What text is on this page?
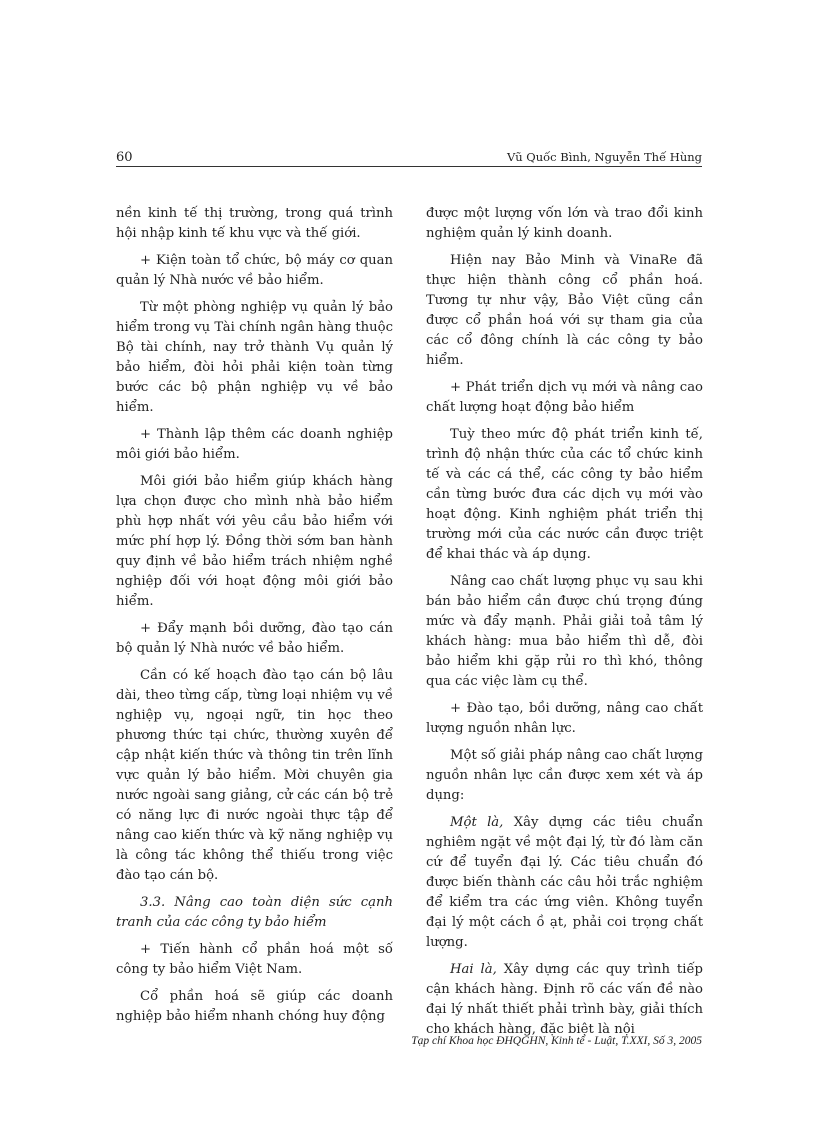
60	Vũ Quốc Bình, Nguyễn Thế Hùng

nền kinh tế thị trường, trong quá trình hội nhập kinh tế khu vực và thế giới.

+ Kiện toàn tổ chức, bộ máy cơ quan quản lý Nhà nước về bảo hiểm.

Từ một phòng nghiệp vụ quản lý bảo hiểm trong vụ Tài chính ngân hàng thuộc Bộ tài chính, nay trở thành Vụ quản lý bảo hiểm, đòi hỏi phải kiện toàn từng bước các bộ phận nghiệp vụ về bảo hiểm.

+ Thành lập thêm các doanh nghiệp môi giới bảo hiểm.

Môi giới bảo hiểm giúp khách hàng lựa chọn được cho mình nhà bảo hiểm phù hợp nhất với yêu cầu bảo hiểm với mức phí hợp lý. Đồng thời sớm ban hành quy định về bảo hiểm trách nhiệm nghề nghiệp đối với hoạt động môi giới bảo hiểm.

+ Đẩy mạnh bồi dưỡng, đào tạo cán bộ quản lý Nhà nước về bảo hiểm.

Cần có kế hoạch đào tạo cán bộ lâu dài, theo từng cấp, từng loại nhiệm vụ về nghiệp vụ, ngoại ngữ, tin học theo phương thức tại chức, thường xuyên để cập nhật kiến thức và thông tin trên lĩnh vực quản lý bảo hiểm. Mời chuyên gia nước ngoài sang giảng, cử các cán bộ trẻ có năng lực đi nước ngoài thực tập để nâng cao kiến thức và kỹ năng nghiệp vụ là công tác không thể thiếu trong việc đào tạo cán bộ.

3.3. Nâng cao toàn diện sức cạnh tranh của các công ty bảo hiểm

+ Tiến hành cổ phần hoá một số công ty bảo hiểm Việt Nam.

Cổ phần hoá sẽ giúp các doanh nghiệp bảo hiểm nhanh chóng huy động

được một lượng vốn lớn và trao đổi kinh nghiệm quản lý kinh doanh.

Hiện nay Bảo Minh và VinaRe đã thực hiện thành công cổ phần hoá. Tương tự như vậy, Bảo Việt cũng cần được cổ phần hoá với sự tham gia của các cổ đông chính là các công ty bảo hiểm.

+ Phát triển dịch vụ mới và nâng cao chất lượng hoạt động bảo hiểm

Tuỳ theo mức độ phát triển kinh tế, trình độ nhận thức của các tổ chức kinh tế và các cá thể, các công ty bảo hiểm cần từng bước đưa các dịch vụ mới vào hoạt động. Kinh nghiệm phát triển thị trường mới của các nước cần được triệt để khai thác và áp dụng.

Nâng cao chất lượng phục vụ sau khi bán bảo hiểm cần được chú trọng đúng mức và đẩy mạnh. Phải giải toả tâm lý khách hàng: mua bảo hiểm thì dễ, đòi bảo hiểm khi gặp rủi ro thì khó, thông qua các việc làm cụ thể.

+ Đào tạo, bồi dưỡng, nâng cao chất lượng nguồn nhân lực.

Một số giải pháp nâng cao chất lượng nguồn nhân lực cần được xem xét và áp dụng:

Một là, Xây dựng các tiêu chuẩn nghiêm ngặt về một đại lý, từ đó làm căn cứ để tuyển đại lý. Các tiêu chuẩn đó được biến thành các câu hỏi trắc nghiệm để kiểm tra các ứng viên. Không tuyển đại lý một cách ồ ạt, phải coi trọng chất lượng.

Hai là, Xây dựng các quy trình tiếp cận khách hàng. Định rõ các vấn đề nào đại lý nhất thiết phải trình bày, giải thích cho khách hàng, đặc biệt là nội

Tạp chí Khoa học ĐHQGHN, Kinh tế - Luật, T.XXI, Số 3, 2005
